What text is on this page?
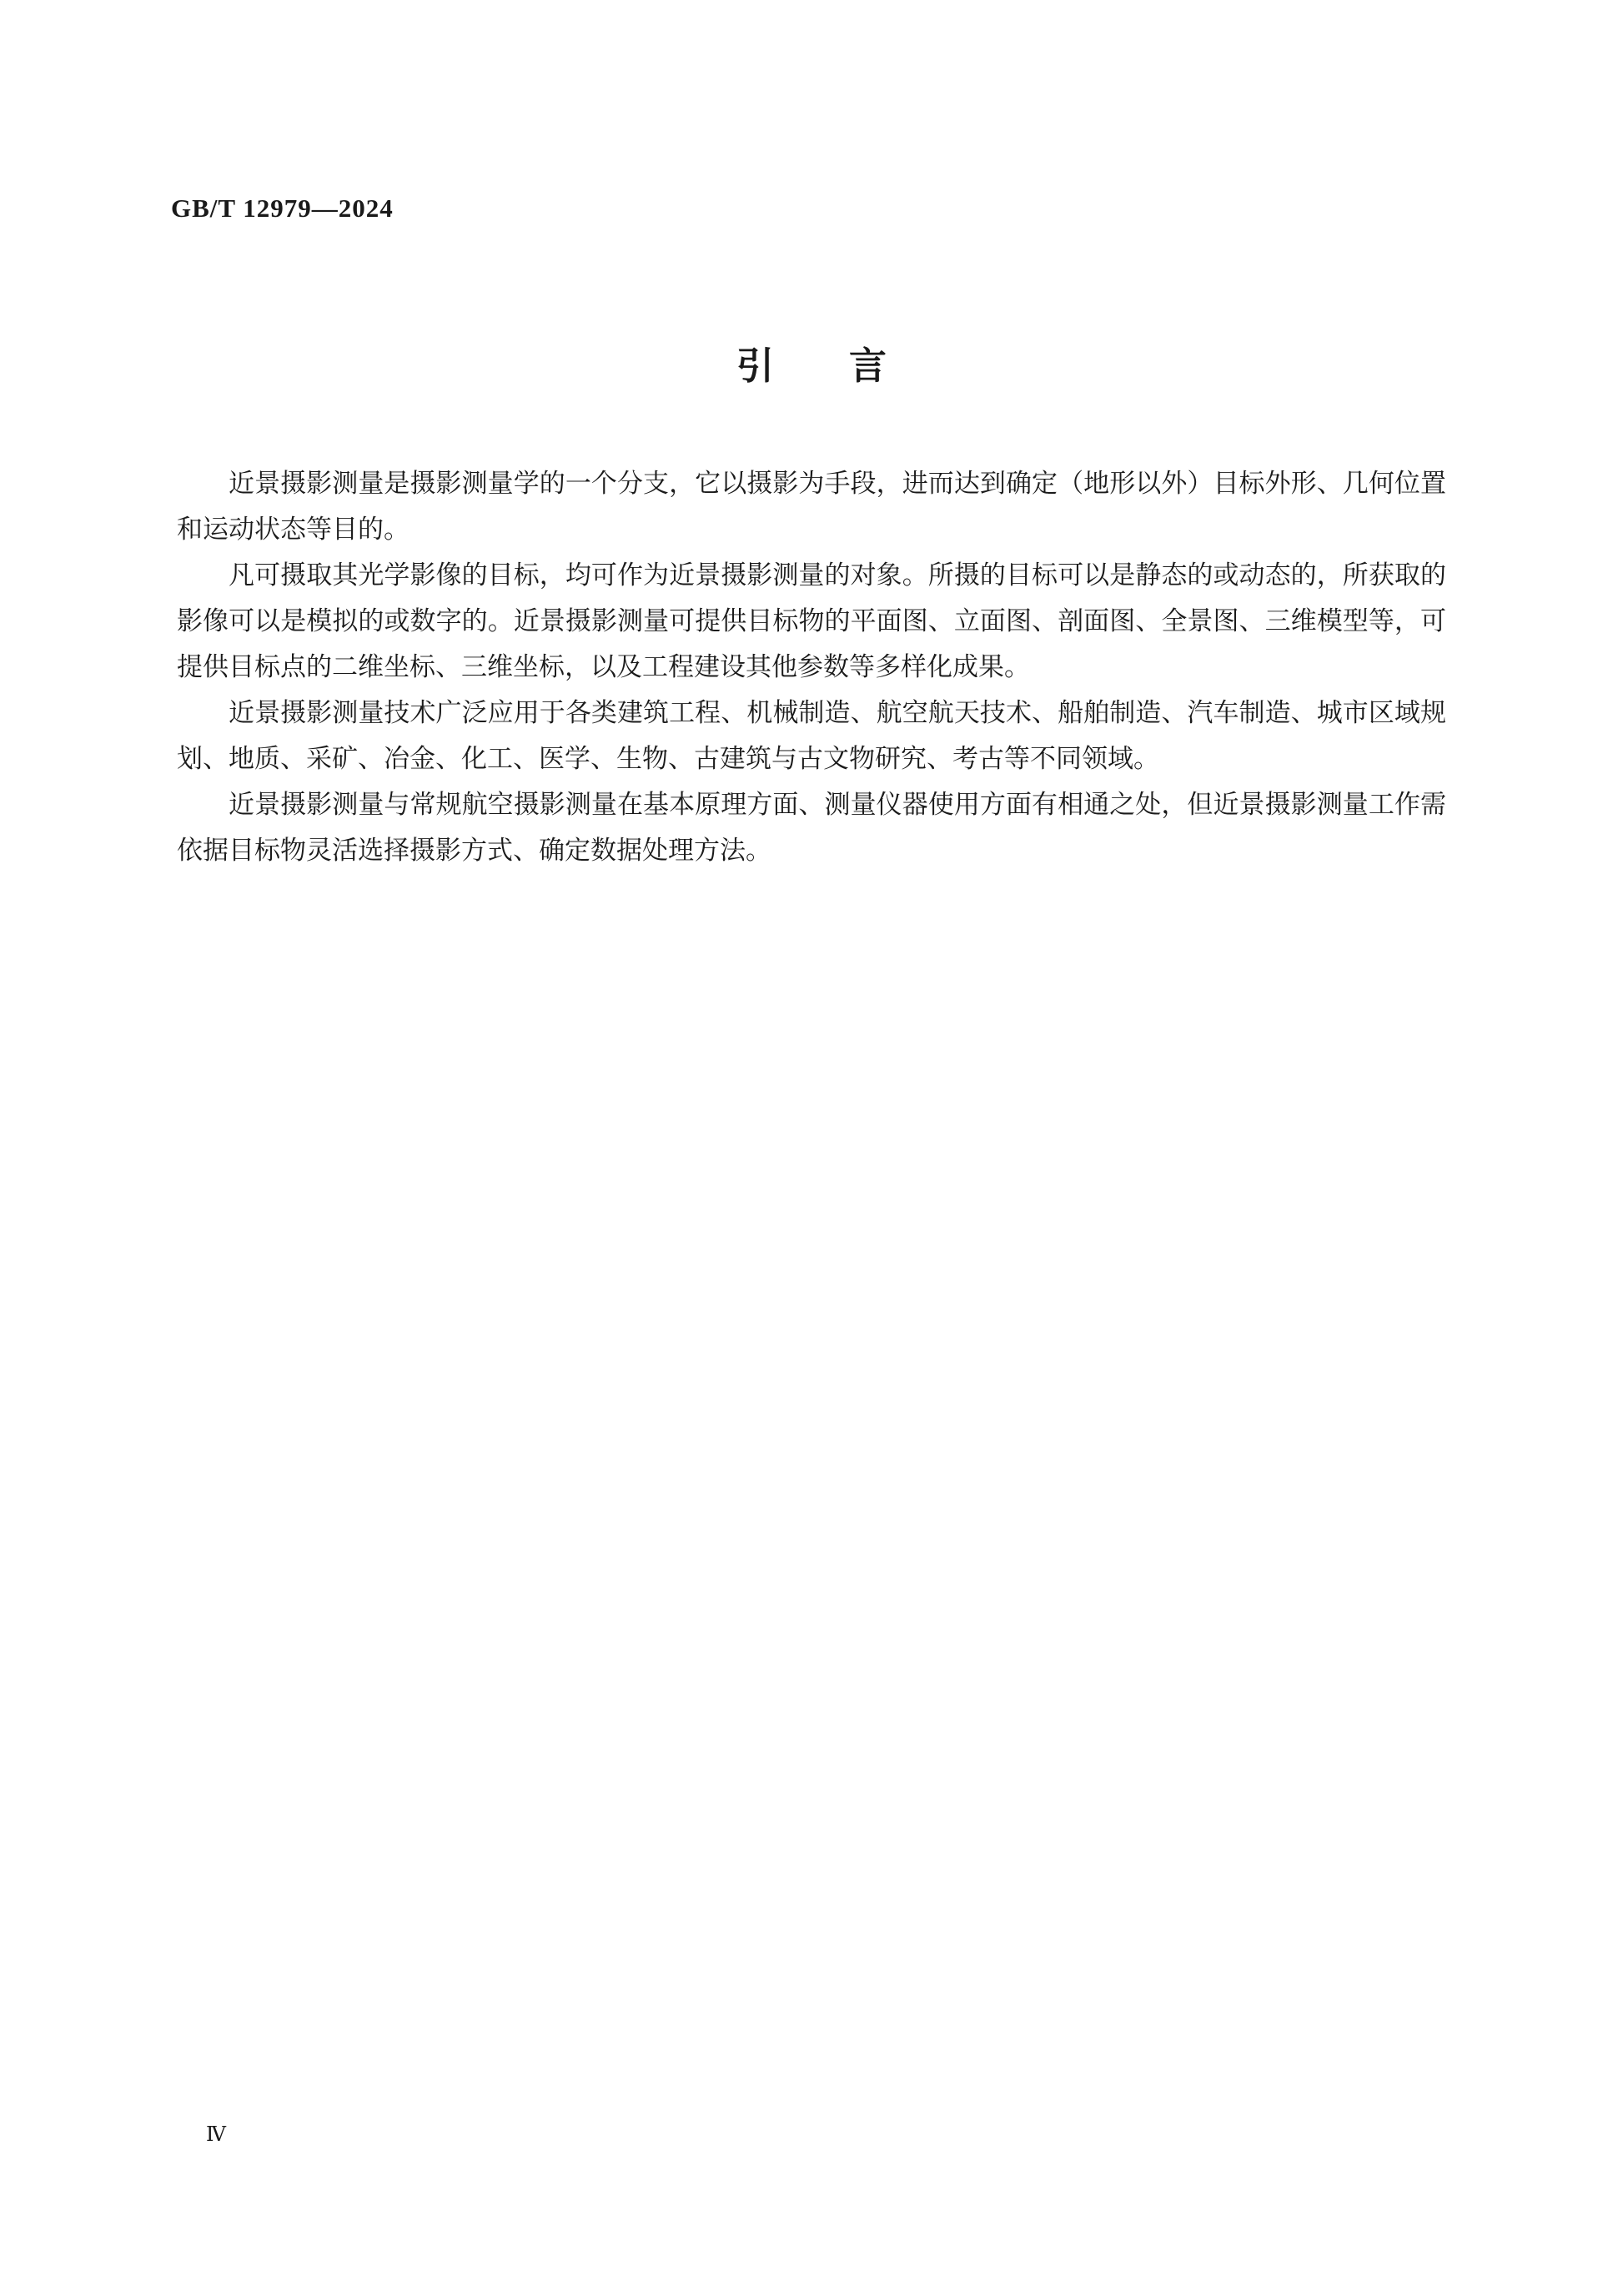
GB/T 12979—2024
引言

近景摄影测量是摄影测量学的一个分支，它以摄影为手段，进而达到确定（地形以外）目标外形、几何位置和运动状态等目的。

凡可摄取其光学影像的目标，均可作为近景摄影测量的对象。所摄的目标可以是静态的或动态的，所获取的影像可以是模拟的或数字的。近景摄影测量可提供目标物的平面图、立面图、剖面图、全景图、三维模型等，可提供目标点的二维坐标、三维坐标，以及工程建设其他参数等多样化成果。

近景摄影测量技术广泛应用于各类建筑工程、机械制造、航空航天技术、船舶制造、汽车制造、城市区域规划、地质、采矿、冶金、化工、医学、生物、古建筑与古文物研究、考古等不同领域。

近景摄影测量与常规航空摄影测量在基本原理方面、测量仪器使用方面有相通之处，但近景摄影测量工作需依据目标物灵活选择摄影方式、确定数据处理方法。

Ⅳ
